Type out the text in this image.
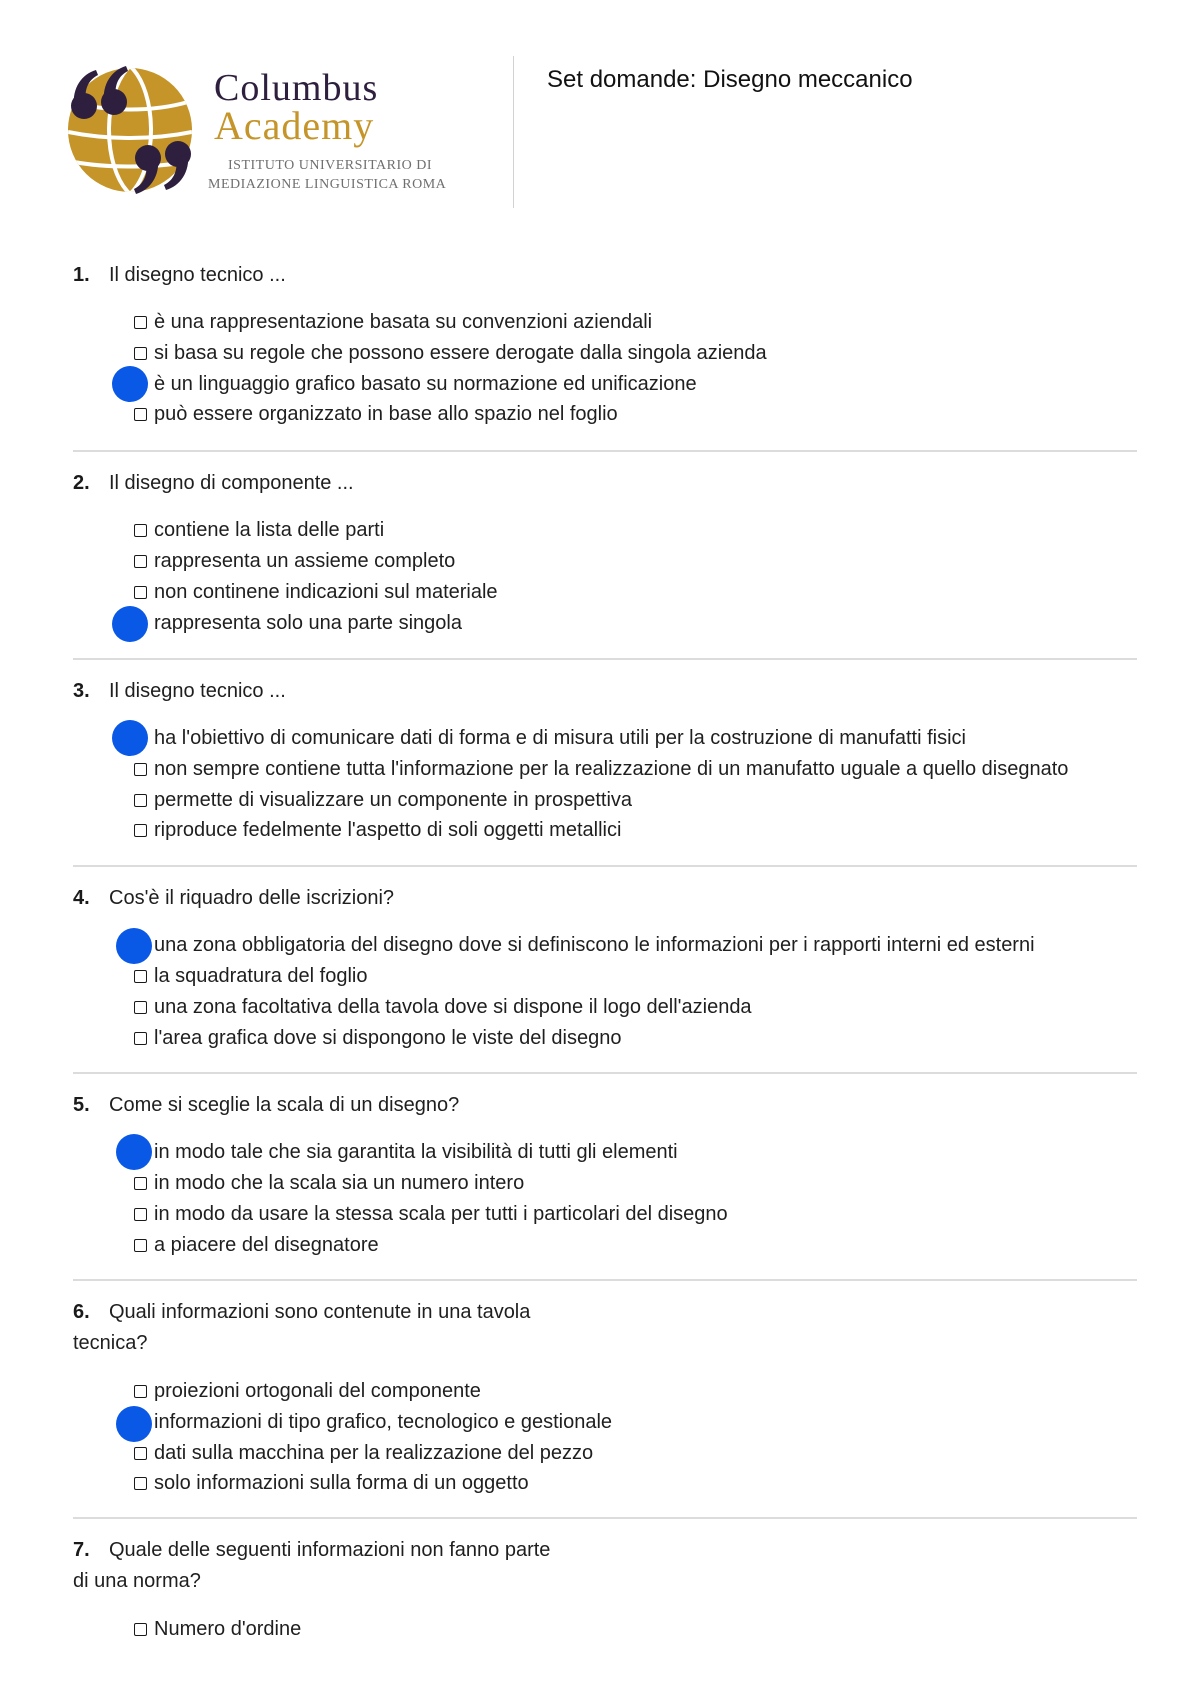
Columbus
Academy
ISTITUTO UNIVERSITARIO DI
MEDIAZIONE LINGUISTICA ROMA
Set domande: Disegno meccanico
1. Il disegno tecnico ...
è una rappresentazione basata su convenzioni aziendali
si basa su regole che possono essere derogate dalla singola azienda
è un linguaggio grafico basato su normazione ed unificazione
può essere organizzato in base allo spazio nel foglio
2. Il disegno di componente ...
contiene la lista delle parti
rappresenta un assieme completo
non continene indicazioni sul materiale
rappresenta solo una parte singola
3. Il disegno tecnico ...
ha l'obiettivo di comunicare dati di forma e di misura utili per la costruzione di manufatti fisici
non sempre contiene tutta l'informazione per la realizzazione di un manufatto uguale a quello disegnato
permette di visualizzare un componente in prospettiva
riproduce fedelmente l'aspetto di soli oggetti metallici
4. Cos'è il riquadro delle iscrizioni?
una zona obbligatoria del disegno dove si definiscono le informazioni per i rapporti interni ed esterni
la squadratura del foglio
una zona facoltativa della tavola dove si dispone il logo dell'azienda
l'area grafica dove si dispongono le viste del disegno
5. Come si sceglie la scala di un disegno?
in modo tale che sia garantita la visibilità di tutti gli elementi
in modo che la scala sia un numero intero
in modo da usare la stessa scala per tutti i particolari del disegno
a piacere del disegnatore
6. Quali informazioni sono contenute in una tavola tecnica?
proiezioni ortogonali del componente
informazioni di tipo grafico, tecnologico e gestionale
dati sulla macchina per la realizzazione del pezzo
solo informazioni sulla forma di un oggetto
7. Quale delle seguenti informazioni non fanno parte di una norma?
Numero d'ordine
